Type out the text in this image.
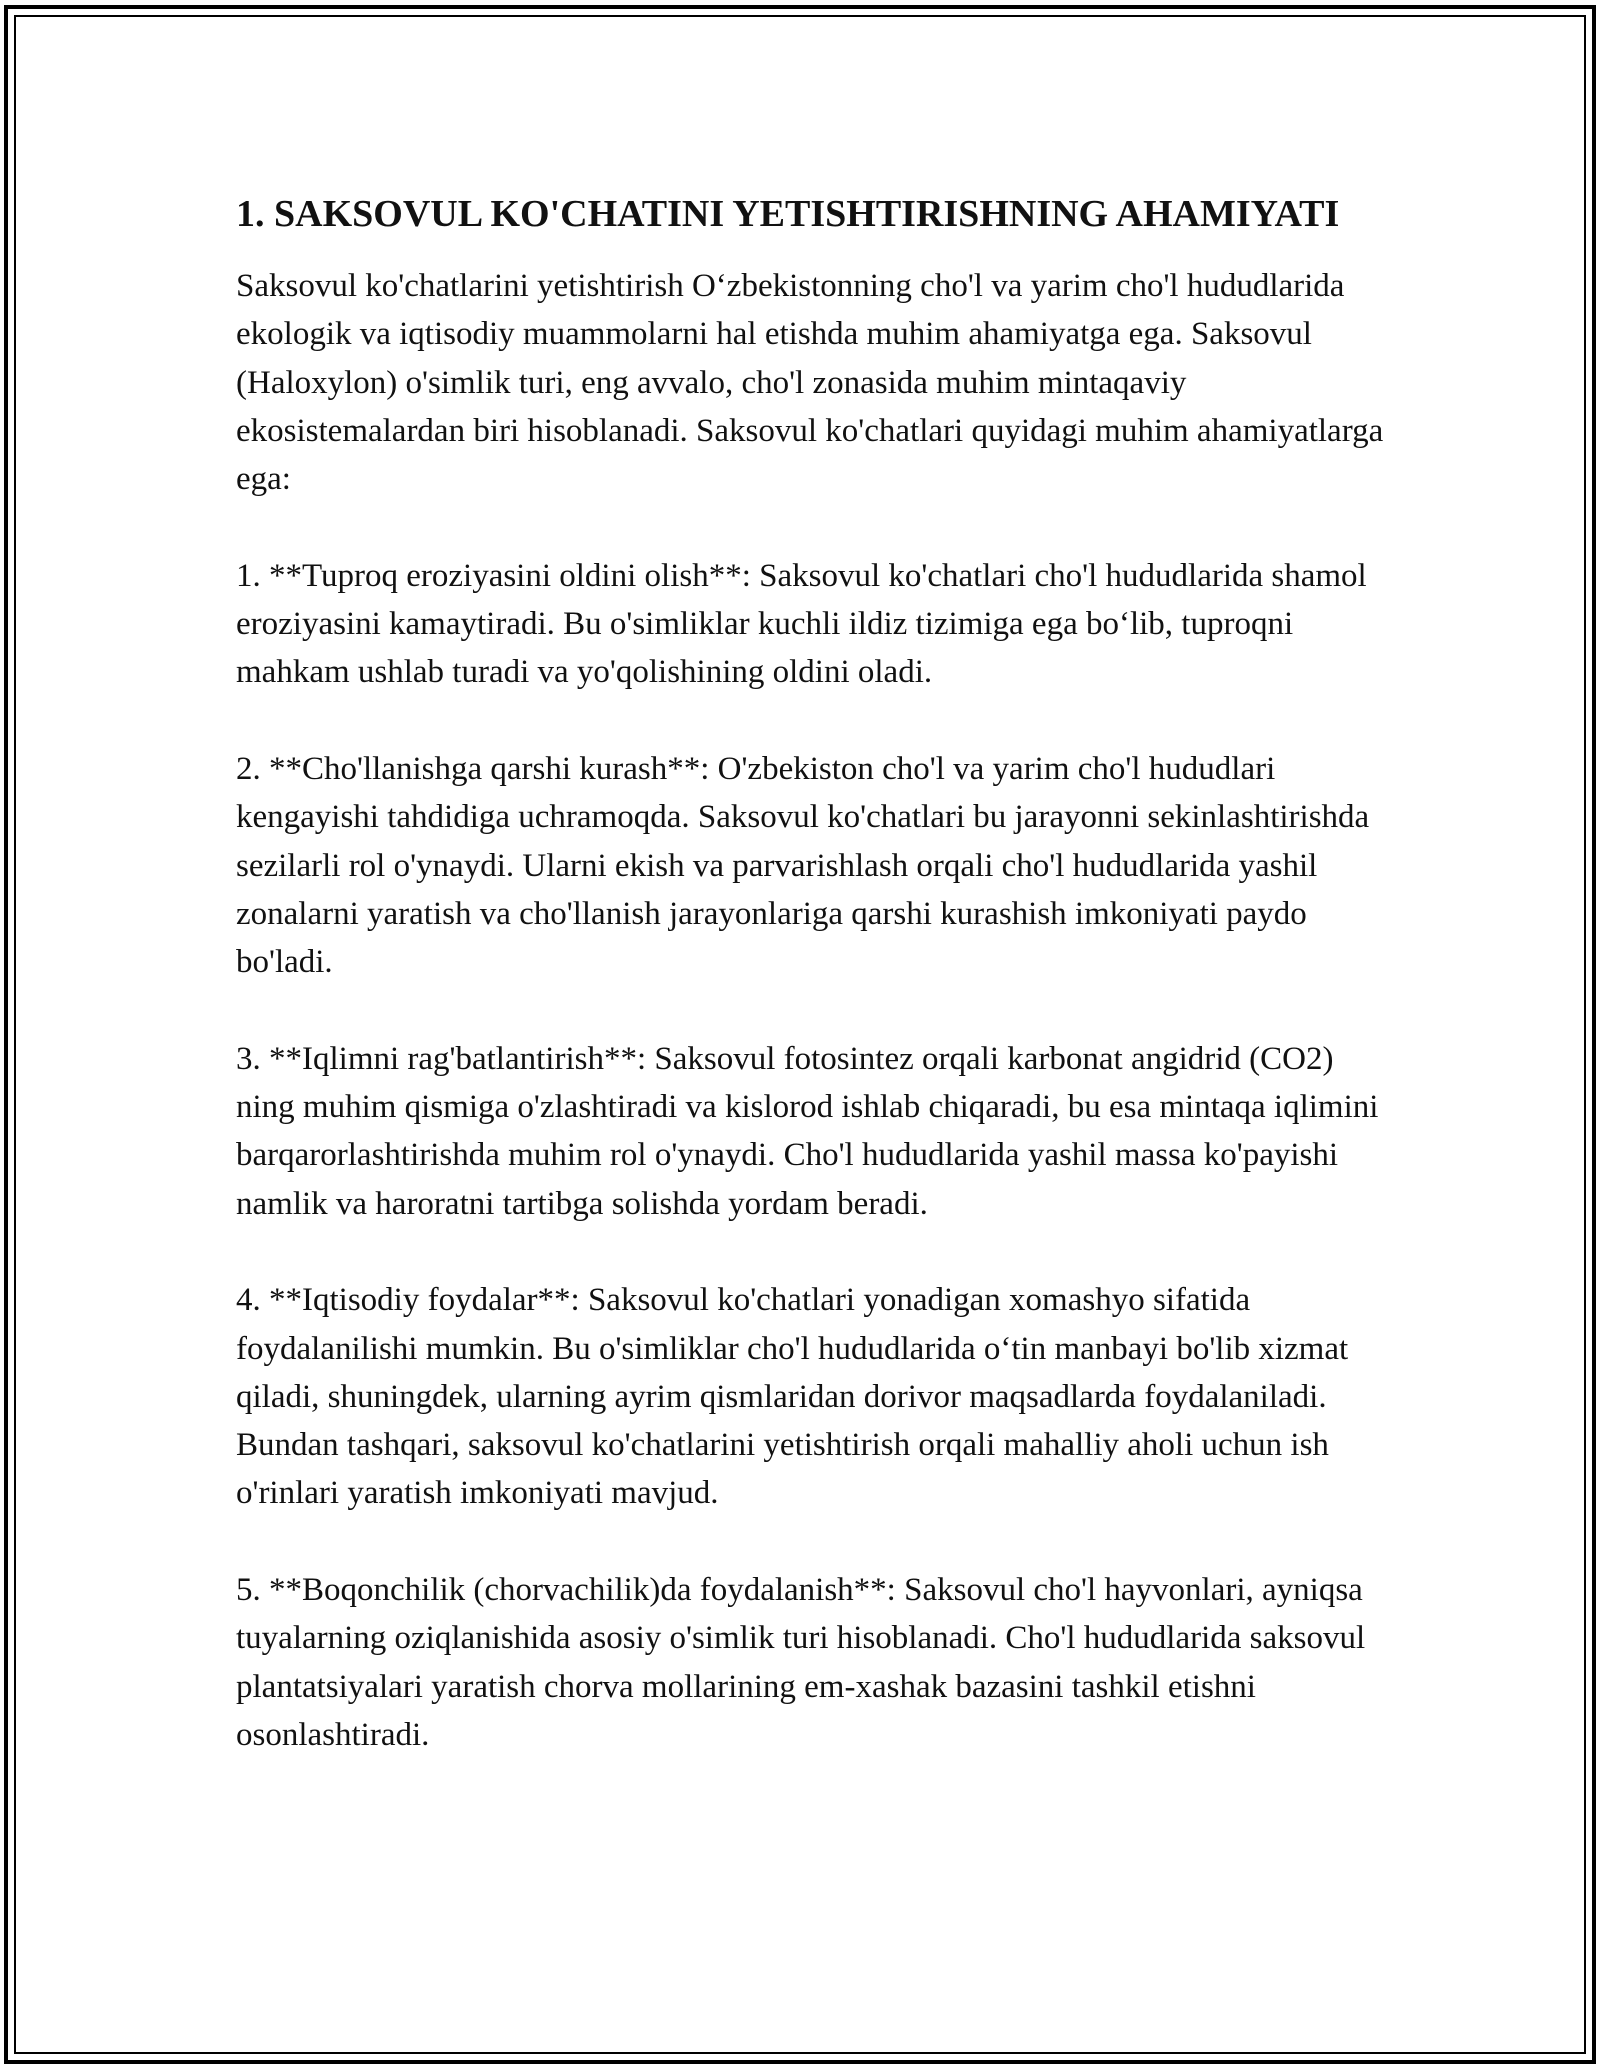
1. SAKSOVUL KO'CHATINI YETISHTIRISHNING AHAMIYATI

Saksovul ko'chatlarini yetishtirish O‘zbekistonning cho'l va yarim cho'l hududlarida ekologik va iqtisodiy muammolarni hal etishda muhim ahamiyatga ega. Saksovul (Haloxylon) o'simlik turi, eng avvalo, cho'l zonasida muhim mintaqaviy ekosistemalardan biri hisoblanadi. Saksovul ko'chatlari quyidagi muhim ahamiyatlarga ega:

1. **Tuproq eroziyasini oldini olish**: Saksovul ko'chatlari cho'l hududlarida shamol eroziyasini kamaytiradi. Bu o'simliklar kuchli ildiz tizimiga ega bo‘lib, tuproqni mahkam ushlab turadi va yo'qolishining oldini oladi.

2. **Cho'llanishga qarshi kurash**: O'zbekiston cho'l va yarim cho'l hududlari kengayishi tahdidiga uchramoqda. Saksovul ko'chatlari bu jarayonni sekinlashtirishda sezilarli rol o'ynaydi. Ularni ekish va parvarishlash orqali cho'l hududlarida yashil zonalarni yaratish va cho'llanish jarayonlariga qarshi kurashish imkoniyati paydo bo'ladi.

3. **Iqlimni rag'batlantirish**: Saksovul fotosintez orqali karbonat angidrid (CO2) ning muhim qismiga o'zlashtiradi va kislorod ishlab chiqaradi, bu esa mintaqa iqlimini barqarorlashtirishda muhim rol o'ynaydi. Cho'l hududlarida yashil massa ko'payishi namlik va haroratni tartibga solishda yordam beradi.

4. **Iqtisodiy foydalar**: Saksovul ko'chatlari yonadigan xomashyo sifatida foydalanilishi mumkin. Bu o'simliklar cho'l hududlarida o‘tin manbayi bo'lib xizmat qiladi, shuningdek, ularning ayrim qismlaridan dorivor maqsadlarda foydalaniladi. Bundan tashqari, saksovul ko'chatlarini yetishtirish orqali mahalliy aholi uchun ish o'rinlari yaratish imkoniyati mavjud.

5. **Boqonchilik (chorvachilik)da foydalanish**: Saksovul cho'l hayvonlari, ayniqsa tuyalarning oziqlanishida asosiy o'simlik turi hisoblanadi. Cho'l hududlarida saksovul plantatsiyalari yaratish chorva mollarining em-xashak bazasini tashkil etishni osonlashtiradi.
